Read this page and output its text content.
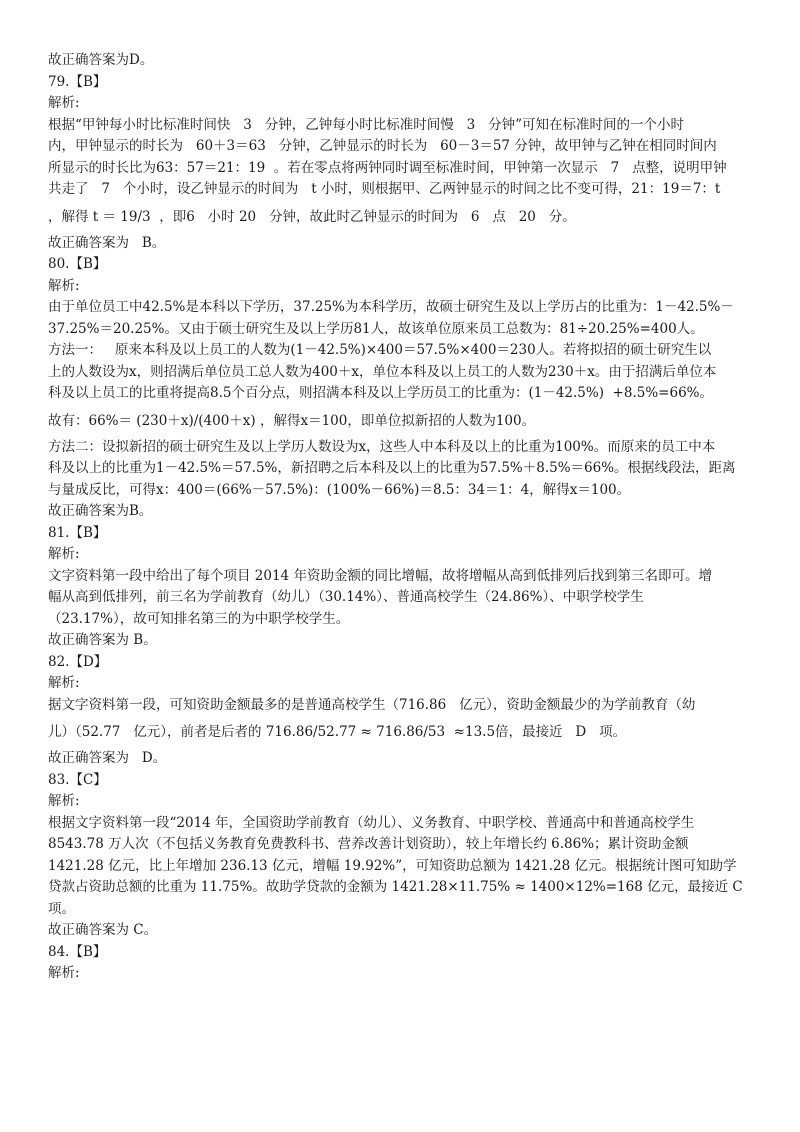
故正确答案为D。
79.【B】
解析:
根据“甲钟每小时比标准时间快   3   分钟，乙钟每小时比标准时间慢   3   分钟”可知在标准时间的一个小时
内，甲钟显示的时长为   60＋3＝63   分钟，乙钟显示的时长为   60－3＝57 分钟，故甲钟与乙钟在相同时间内
所显示的时长比为63：57＝21：19  。若在零点将两钟同时调至标准时间，甲钟第一次显示   7   点整，说明甲钟
共走了   7   个小时，设乙钟显示的时间为   t 小时，则根据甲、乙两钟显示的时间之比不变可得，21：19＝7：t
，解得 t ＝ 19/3  ，即6   小时 20   分钟，故此时乙钟显示的时间为   6   点   20   分。
故正确答案为   B。
80.【B】
解析:
由于单位员工中42.5%是本科以下学历，37.25%为本科学历，故硕士研究生及以上学历占的比重为：1－42.5%－
37.25%＝20.25%。又由于硕士研究生及以上学历81人，故该单位原来员工总数为：81÷20.25%=400人。
方法一：   原来本科及以上员工的人数为(1－42.5%)×400＝57.5%×400＝230人。若将拟招的硕士研究生以
上的人数设为x，则招满后单位员工总人数为400＋x，单位本科及以上员工的人数为230＋x。由于招满后单位本
科及以上员工的比重将提高8.5个百分点，则招满本科及以上学历员工的比重为：(1－42.5%)  +8.5%=66%。
故有：66%＝ (230＋x)/(400＋x) ，解得x＝100，即单位拟新招的人数为100。
方法二：设拟新招的硕士研究生及以上学历人数设为x，这些人中本科及以上的比重为100%。而原来的员工中本
科及以上的比重为1－42.5%＝57.5%，新招聘之后本科及以上的比重为57.5%＋8.5%＝66%。根据线段法，距离
与量成反比，可得x：400＝(66%－57.5%)：(100%－66%)＝8.5：34＝1：4，解得x＝100。
故正确答案为B。
81.【B】
解析:
文字资料第一段中给出了每个项目 2014 年资助金额的同比增幅，故将增幅从高到低排列后找到第三名即可。增
幅从高到低排列，前三名为学前教育（幼儿）（30.14%）、普通高校学生（24.86%）、中职学校学生
（23.17%），故可知排名第三的为中职学校学生。
故正确答案为 B。
82.【D】
解析:
据文字资料第一段，可知资助金额最多的是普通高校学生（716.86   亿元），资助金额最少的为学前教育（幼
儿）（52.77   亿元），前者是后者的 716.86/52.77 ≈ 716.86/53  ≈13.5倍，最接近   D   项。
故正确答案为   D。
83.【C】
解析:
根据文字资料第一段“2014 年，全国资助学前教育（幼儿）、义务教育、中职学校、普通高中和普通高校学生
8543.78 万人次（不包括义务教育免费教科书、营养改善计划资助），较上年增长约 6.86%；累计资助金额
1421.28 亿元，比上年增加 236.13 亿元，增幅 19.92%”，可知资助总额为 1421.28 亿元。根据统计图可知助学
贷款占资助总额的比重为 11.75%。故助学贷款的金额为 1421.28×11.75% ≈ 1400×12%=168 亿元，最接近 C
项。
故正确答案为 C。
84.【B】
解析:
